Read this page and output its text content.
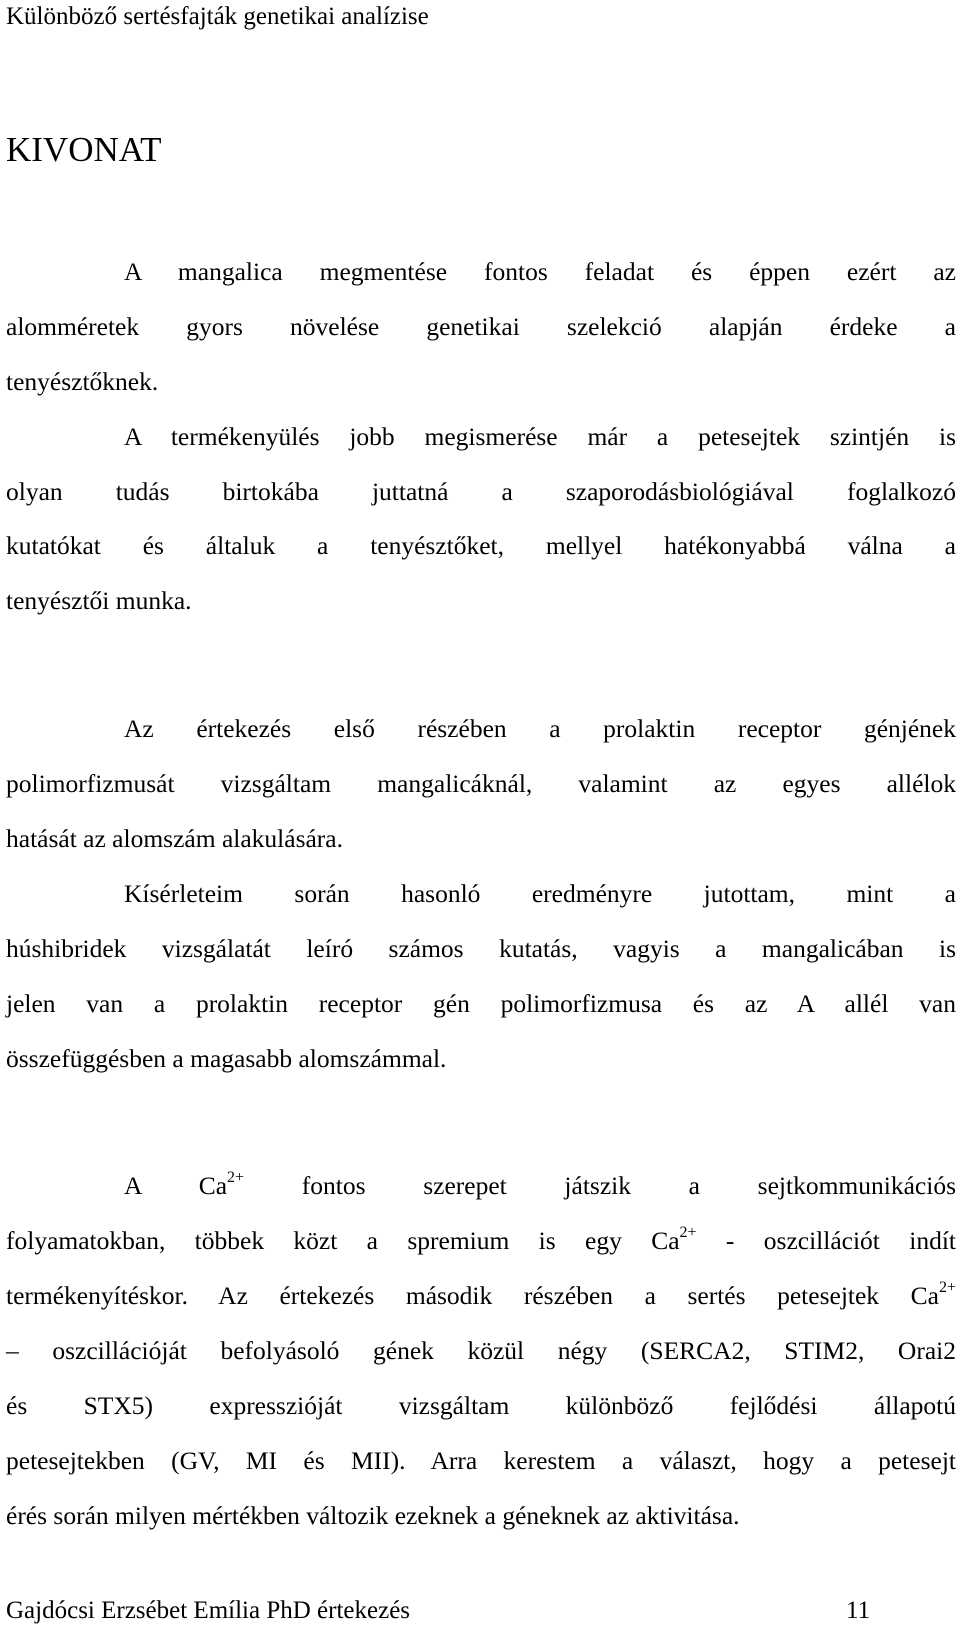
Különböző sertésfajták genetikai analízise
KIVONAT
A mangalica megmentése fontos feladat és éppen ezért az
alomméretek gyors növelése genetikai szelekció alapján érdeke a
tenyésztőknek.
A termékenyülés jobb megismerése már a petesejtek szintjén is
olyan tudás birtokába juttatná a szaporodásbiológiával foglalkozó
kutatókat és általuk a tenyésztőket, mellyel hatékonyabbá válna a
tenyésztői munka.
Az értekezés első részében a prolaktin receptor génjének
polimorfizmusát vizsgáltam mangalicáknál, valamint az egyes allélok
hatását az alomszám alakulására.
Kísérleteim során hasonló eredményre jutottam, mint a
húshibridek vizsgálatát leíró számos kutatás, vagyis a mangalicában is
jelen van a prolaktin receptor gén polimorfizmusa és az A allél van
összefüggésben a magasabb alomszámmal.
A $Ca^{2+}$ fontos szerepet játszik a sejtkommunikációs
folyamatokban, többek közt a spremium is egy $Ca^{2+}$ - oszcillációt indít
termékenyítéskor. Az értekezés második részében a sertés petesejtek $Ca^{2+}$
– oszcillációját befolyásoló gének közül négy (SERCA2, STIM2, Orai2
és STX5) expresszióját vizsgáltam különböző fejlődési állapotú
petesejtekben (GV, MI és MII). Arra kerestem a választ, hogy a petesejt
érés során milyen mértékben változik ezeknek a géneknek az aktivitása.
Gajdócsi Erzsébet Emília PhD értekezés	11
